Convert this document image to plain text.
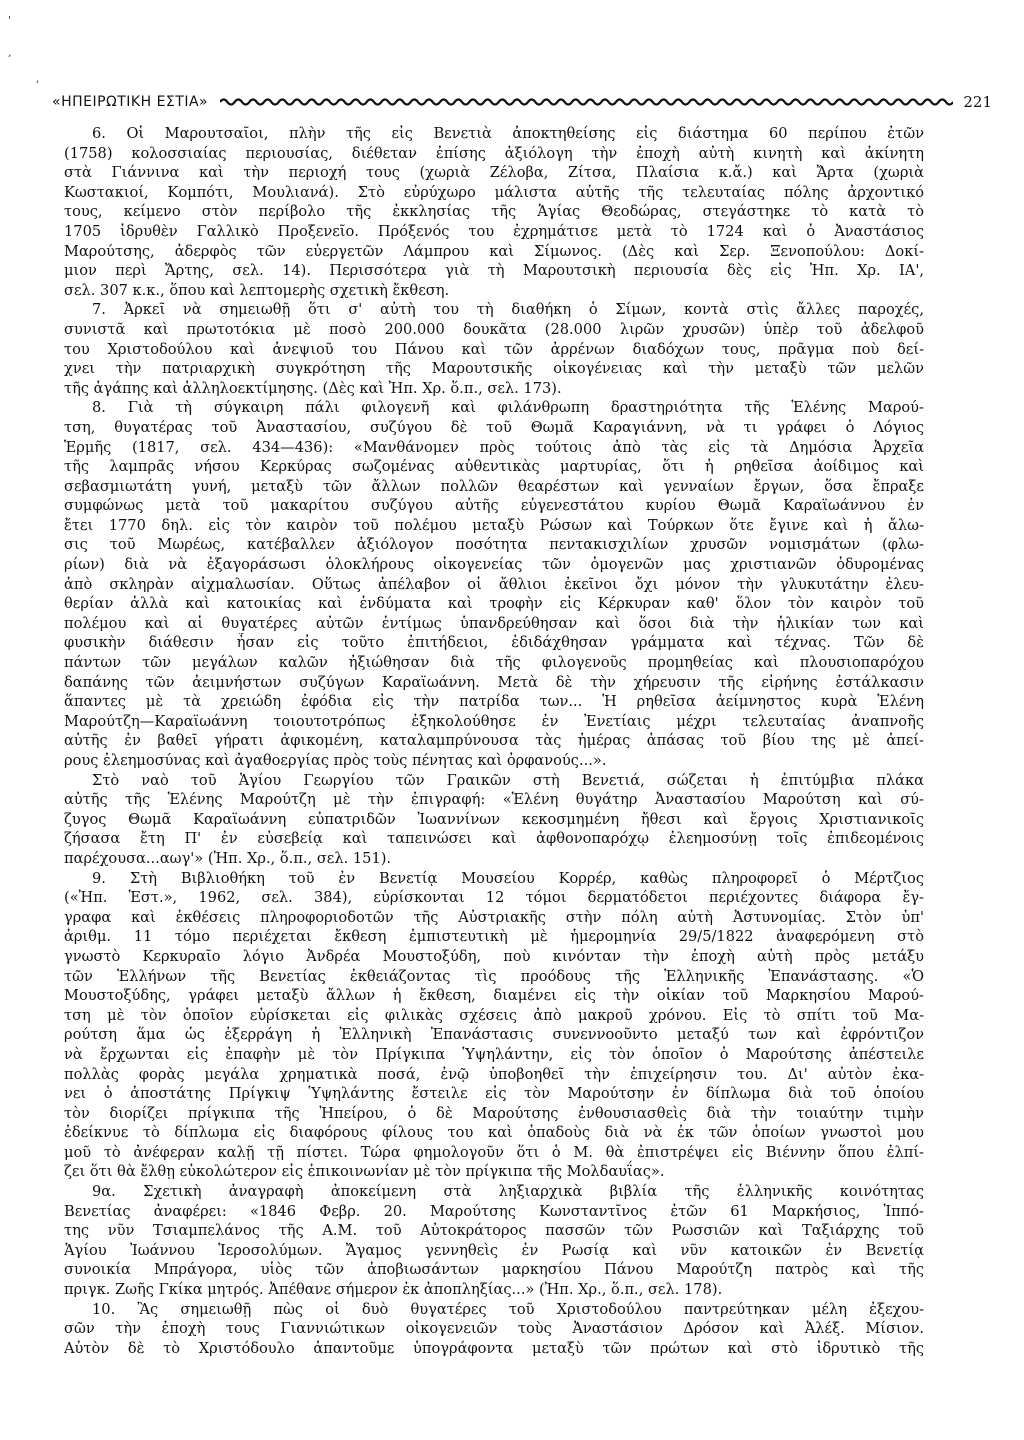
'
,
,
«ΗΠΕΙΡΩΤΙΚΗ ΕΣΤΙΑ»	221
6. Οἱ Μαρουτσαῖοι, πλὴν τῆς εἰς Βενετιὰ ἀποκτηθείσης εἰς διάστημα 60 περίπου ἐτῶν
(1758) κολοσσιαίας περιουσίας, διέθεταν ἐπίσης ἀξιόλογη τὴν ἐποχὴ αὐτὴ κινητὴ καὶ ἀκίνητη
στὰ Γιάννινα καὶ τὴν περιοχή τους (χωριὰ Ζέλοβα, Ζίτσα, Πλαίσια κ.ἄ.) καὶ Ἄρτα (χωριὰ
Κωστακιοί, Κομπότι, Μουλιανά). Στὸ εὐρύχωρο μάλιστα αὐτῆς τῆς τελευταίας πόλης ἀρχοντικό
τους, κείμενο στὸν περίβολο τῆς ἐκκλησίας τῆς Ἁγίας Θεοδώρας, στεγάστηκε τὸ κατὰ τὸ
1705 ἱδρυθὲν Γαλλικὸ Προξενεῖο. Πρόξενός του ἐχρημάτισε μετὰ τὸ 1724 καὶ ὁ Ἀναστάσιος
Μαρούτσης, ἀδερφὸς τῶν εὐεργετῶν Λάμπρου καὶ Σίμωνος. (Δὲς καὶ Σερ. Ξενοπούλου: Δοκί-
μιον περὶ Ἄρτης, σελ. 14). Περισσότερα γιὰ τὴ Μαρουτσικὴ περιουσία δὲς εἰς Ἠπ. Χρ. ΙΑ',
σελ. 307 κ.κ., ὅπου καὶ λεπτομερὴς σχετικὴ ἔκθεση.
7. Ἀρκεῖ νὰ σημειωθῇ ὅτι σ' αὐτὴ του τὴ διαθήκη ὁ Σίμων, κοντὰ στὶς ἄλλες παροχές,
συνιστᾶ καὶ πρωτοτόκια μὲ ποσὸ 200.000 δουκᾶτα (28.000 λιρῶν χρυσῶν) ὑπὲρ τοῦ ἀδελφοῦ
του Χριστοδούλου καὶ ἀνεψιοῦ του Πάνου καὶ τῶν ἀρρένων διαδόχων τους, πρᾶγμα ποὺ δεί-
χνει τὴν πατριαρχικὴ συγκρότηση τῆς Μαρουτσικῆς οἰκογένειας καὶ τὴν μεταξὺ τῶν μελῶν
τῆς ἀγάπης καὶ ἀλληλοεκτίμησης. (Δὲς καὶ Ἠπ. Χρ. ὅ.π., σελ. 173).
8. Γιὰ τὴ σύγκαιρη πάλι φιλογενῆ καὶ φιλάνθρωπη δραστηριότητα τῆς Ἑλένης Μαρού-
τση, θυγατέρας τοῦ Ἀναστασίου, συζύγου δὲ τοῦ Θωμᾶ Καραγιάννη, νὰ τι γράφει ὁ Λόγιος
Ἑρμῆς (1817, σελ. 434—436): «Μανθάνομεν πρὸς τούτοις ἀπὸ τὰς εἰς τὰ Δημόσια Ἀρχεῖα
τῆς λαμπρᾶς νήσου Κερκύρας σωζομένας αὐθεντικὰς μαρτυρίας, ὅτι ἡ ρηθεῖσα ἀοίδιμος καὶ
σεβασμιωτάτη γυνή, μεταξὺ τῶν ἄλλων πολλῶν θεαρέστων καὶ γενναίων ἔργων, ὅσα ἔπραξε
συμφώνως μετὰ τοῦ μακαρίτου συζύγου αὐτῆς εὐγενεστάτου κυρίου Θωμᾶ Καραϊωάννου ἐν
ἔτει 1770 δηλ. εἰς τὸν καιρὸν τοῦ πολέμου μεταξὺ Ρώσων καὶ Τούρκων ὅτε ἔγινε καὶ ἡ ἄλω-
σις τοῦ Μωρέως, κατέβαλλεν ἀξιόλογον ποσότητα πεντακισχιλίων χρυσῶν νομισμάτων (φλω-
ρίων) διὰ νὰ ἐξαγοράσωσι ὁλοκλήρους οἰκογενείας τῶν ὁμογενῶν μας χριστιανῶν ὀδυρομένας
ἀπὸ σκληρὰν αἰχμαλωσίαν. Οὕτως ἀπέλαβον οἱ ἄθλιοι ἐκεῖνοι ὄχι μόνον τὴν γλυκυτάτην ἐλευ-
θερίαν ἀλλὰ καὶ κατοικίας καὶ ἐνδύματα καὶ τροφὴν εἰς Κέρκυραν καθ' ὅλον τὸν καιρὸν τοῦ
πολέμου καὶ αἱ θυγατέρες αὐτῶν ἐντίμως ὑπανδρεύθησαν καὶ ὅσοι διὰ τὴν ἡλικίαν των καὶ
φυσικὴν διάθεσιν ἦσαν εἰς τοῦτο ἐπιτήδειοι, ἐδιδάχθησαν γράμματα καὶ τέχνας. Τῶν δὲ
πάντων τῶν μεγάλων καλῶν ἠξιώθησαν διὰ τῆς φιλογενοῦς προμηθείας καὶ πλουσιοπαρόχου
δαπάνης τῶν ἀειμνήστων συζύγων Καραϊωάννη. Μετὰ δὲ τὴν χήρευσιν τῆς εἰρήνης ἐστάλκασιν
ἅπαντες μὲ τὰ χρειώδη ἐφόδια εἰς τὴν πατρίδα των... Ἡ ρηθεῖσα ἀείμνηστος κυρὰ Ἑλένη
Μαρούτζη—Καραϊωάννη τοιουτοτρόπως ἐξηκολούθησε ἐν Ἐνετίαις μέχρι τελευταίας ἀναπνοῆς
αὐτῆς ἐν βαθεῖ γήρατι ἀφικομένη, καταλαμπρύνουσα τὰς ἡμέρας ἁπάσας τοῦ βίου της μὲ ἀπεί-
ρους ἐλεημοσύνας καὶ ἀγαθοεργίας πρὸς τοὺς πένητας καὶ ὀρφανούς...».
Στὸ ναὸ τοῦ Ἁγίου Γεωργίου τῶν Γραικῶν στὴ Βενετιά, σώζεται ἡ ἐπιτύμβια πλάκα
αὐτῆς τῆς Ἑλένης Μαρούτζη μὲ τὴν ἐπιγραφή: «Ἑλένη θυγάτηρ Ἀναστασίου Μαρούτση καὶ σύ-
ζυγος Θωμᾶ Καραϊωάννη εὐπατριδῶν Ἰωαννίνων κεκοσμημένη ἤθεσι καὶ ἔργοις Χριστιανικοῖς
ζήσασα ἔτη Π' ἐν εὐσεβείᾳ καὶ ταπεινώσει καὶ ἀφθονοπαρόχῳ ἐλεημοσύνῃ τοῖς ἐπιδεομένοις
παρέχουσα...αωγ'» (Ἠπ. Χρ., ὅ.π., σελ. 151).
9. Στὴ Βιβλιοθήκη τοῦ ἐν Βενετίᾳ Μουσείου Κορρέρ, καθὼς πληροφορεῖ ὁ Μέρτζιος
(«Ἠπ. Ἑστ.», 1962, σελ. 384), εὑρίσκονται 12 τόμοι δερματόδετοι περιέχοντες διάφορα ἔγ-
γραφα καὶ ἐκθέσεις πληροφοριοδοτῶν τῆς Αὐστριακῆς στὴν πόλη αὐτὴ Ἀστυνομίας. Στὸν ὑπ'
ἀριθμ. 11 τόμο περιέχεται ἔκθεση ἐμπιστευτικὴ μὲ ἡμερομηνία 29/5/1822 ἀναφερόμενη στὸ
γνωστὸ Κερκυραῖο λόγιο Ἀνδρέα Μουστοξύδη, ποὺ κινόνταν τὴν ἐποχὴ αὐτὴ πρὸς μετάξυ
τῶν Ἑλλήνων τῆς Βενετίας ἐκθειάζοντας τὶς προόδους τῆς Ἑλληνικῆς Ἐπανάστασης. «Ὁ
Μουστοξύδης, γράφει μεταξὺ ἄλλων ἡ ἔκθεση, διαμένει εἰς τὴν οἰκίαν τοῦ Μαρκησίου Μαρού-
τση μὲ τὸν ὁποῖον εὑρίσκεται εἰς φιλικὰς σχέσεις ἀπὸ μακροῦ χρόνου. Εἰς τὸ σπίτι τοῦ Μα-
ρούτση ἅμα ὡς ἐξερράγη ἡ Ἑλληνικὴ Ἐπανάστασις συνεννοοῦντο μεταξύ των καὶ ἐφρόντιζον
νὰ ἔρχωνται εἰς ἐπαφὴν μὲ τὸν Πρίγκιπα Ὑψηλάντην, εἰς τὸν ὁποῖον ὁ Μαρούτσης ἀπέστειλε
πολλὰς φορὰς μεγάλα χρηματικὰ ποσά, ἐνῷ ὑποβοηθεῖ τὴν ἐπιχείρησιν του. Δι' αὐτὸν ἐκα-
νει ὁ ἀποστάτης Πρίγκιψ Ὑψηλάντης ἔστειλε εἰς τὸν Μαρούτσην ἐν δίπλωμα διὰ τοῦ ὁποίου
τὸν διορίζει πρίγκιπα τῆς Ἠπείρου, ὁ δὲ Μαρούτσης ἐνθουσιασθεὶς διὰ τὴν τοιαύτην τιμὴν
ἐδείκνυε τὸ δίπλωμα εἰς διαφόρους φίλους του καὶ ὁπαδοὺς διὰ νὰ ἐκ τῶν ὁποίων γνωστοὶ μου
μοῦ τὸ ἀνέφεραν καλῇ τῇ πίστει. Τώρα φημολογοῦν ὅτι ὁ Μ. θὰ ἐπιστρέψει εἰς Βιέννην ὅπου ἐλπί-
ζει ὅτι θὰ ἔλθῃ εὐκολώτερον εἰς ἐπικοινωνίαν μὲ τὸν πρίγκιπα τῆς Μολδαυΐας».
9α. Σχετικὴ ἀναγραφὴ ἀποκείμενη στὰ ληξιαρχικὰ βιβλία τῆς ἑλληνικῆς κοινότητας
Βενετίας ἀναφέρει: «1846 Φεβρ. 20. Μαρούτσης Κωνσταντῖνος ἐτῶν 61 Μαρκήσιος, Ἱππό-
της νῦν Τσιαμπελάνος τῆς Α.Μ. τοῦ Αὐτοκράτορος πασσῶν τῶν Ρωσσιῶν καὶ Ταξιάρχης τοῦ
Ἁγίου Ἰωάννου Ἱεροσολύμων. Ἄγαμος γεννηθεὶς ἐν Ρωσίᾳ καὶ νῦν κατοικῶν ἐν Βενετίᾳ
συνοικία Μπράγορα, υἱὸς τῶν ἀποβιωσάντων μαρκησίου Πάνου Μαρούτζη πατρὸς καὶ τῆς
πριγκ. Ζωῆς Γκίκα μητρός. Ἀπέθανε σήμερον ἐκ ἀποπληξίας...» (Ἠπ. Χρ., ὅ.π., σελ. 178).
10. Ἂς σημειωθῇ πὼς οἱ δυὸ θυγατέρες τοῦ Χριστοδούλου παντρεύτηκαν μέλη ἐξεχου-
σῶν τὴν ἐποχὴ τους Γιαννιώτικων οἰκογενειῶν τοὺς Ἀναστάσιον Δρόσον καὶ Ἀλέξ. Μίσιον.
Αὐτὸν δὲ τὸ Χριστόδουλο ἀπαντοῦμε ὑπογράφοντα μεταξὺ τῶν πρώτων καὶ στὸ ἱδρυτικὸ τῆς
